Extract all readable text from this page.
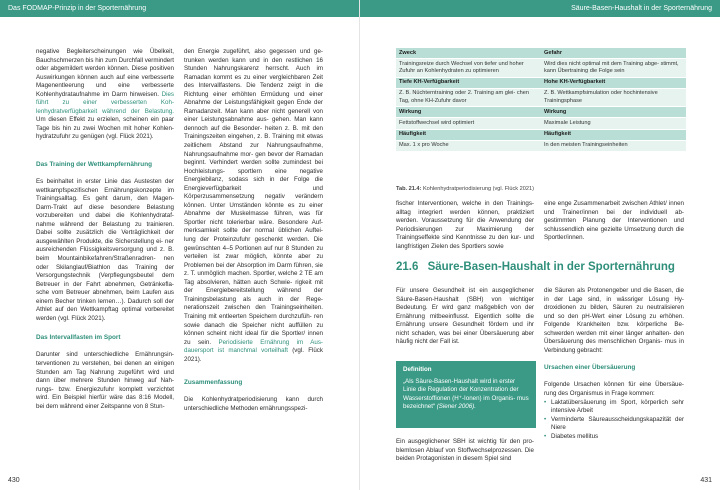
Das FODMAP-Prinzip in der Sporternährung
negative Begleiterscheinungen wie Übelkeit, Bauchschmerzen bis hin zum Durchfall vermindert oder abgemildert werden können. Diese positiven Auswirkungen können auch auf eine verbesserte Magenentleerung und eine verbesserte Kohlenhydrataufnahme im Darm hinweisen. Dies führt zu einer verbesserten Koh- lenhydratverfügbarkeit während der Belastung. Um diesen Effekt zu erzielen, scheinen ein paar Tage bis hin zu zwei Wochen mit hoher Kohlen- hydratzufuhr zu genügen (vgl. Flück 2021).
Das Training der Wettkampfernährung

Es beinhaltet in erster Linie das Austesten der wettkampfspezifischen Ernährungskonzepte im Trainingsalltag. Es geht darum, den Magen- Darm-Trakt auf diese besondere Belastung vorzubereiten und dabei die Kohlenhydrataf- nahme während der Belastung zu trainieren. Dabei sollte zusätzlich die Verträglichkeit der ausgewählten Produkte, die Sicherstellung ei- ner ausreichenden Flüssigkeitsversorgung und z. B. beim Mountainbikefahren/Straßenradren- nen oder Skilanglauf/Biathlon das Training der Versorgungstechnik (Verpflegungsbeutel dem Betreuer in der Fahrt abnehmen, Getränkefla- sche vom Betreuer abnehmen, beim Laufen aus einem Becher trinken lernen…). Dadurch soll der Athlet auf den Wettkampftag optimal vorbereitet werden (vgl. Flück 2021).

Das Intervallfasten im Sport

Darunter sind unterschiedliche Ernährungsin- terventionen zu verstehen, bei denen an einigen Stunden am Tag Nahrung zugeführt wird und dann über mehrere Stunden hinweg auf Nah- rungs- bzw. Energiezufuhr komplett verzichtet wird. Ein Beispiel hierfür wäre das 8:16 Modell, bei dem während einer Zeitspanne von 8 Stun-

den Energie zugeführt, also gegessen und ge- trunken werden kann und in den restlichen 16 Stunden Nahrungskarenz herrscht. Auch im Ramadan kommt es zu einer vergleichbaren Zeit des Intervallfastens. Die Tendenz zeigt in die Richtung einer erhöhten Ermüdung und einer Abnahme der Leistungsfähigkeit gegen Ende der Ramadanzeit. Man kann aber nicht generell von einer Leistungsabnahme aus- gehen. Man kann dennoch auf die Besonder- heiten z. B. mit den Trainingszeiten eingehen, z. B. Training mit etwas zeitlichem Abstand zur Nahrungsaufnahme, Nahrungsaufnahme mor- gen bevor der Ramadan beginnt. Verhindert werden sollte zumindest bei Hochleistungs- sportlern eine negative Energiebilanz, sodass sich in der Folge die Energieverfügbarkeit und Körperzusammensetzung negativ verändern können. Unter Umständen könnte es zu einer Abnahme der Muskelmasse führen, was für Sportler nicht tolerierbar wäre. Besondere Auf- merksamkeit sollte der normal üblichen Auftei- lung der Proteinzufuhr geschenkt werden. Die gewünschten 4–5 Portionen auf nur 8 Stunden zu verteilen ist zwar möglich, könnte aber zu Problemen bei der Absorption im Darm führen, sie z. T. unmöglich machen. Sportler, welche 2 TE am Tag absolvieren, hätten auch Schwie- rigkeit mit der Energiebereitstellung während der Trainingsbelastung als auch in der Rege- nerationszeit zwischen den Trainingseinheiten. Training mit entleerten Speichern durchzufüh- ren sowie danach die Speicher nicht auffüllen zu können scheint nicht ideal für die Sportler/ innen zu sein. Periodisierte Ernährung im Aus- dauersport ist manchmal vorteilhaft (vgl. Flück 2021).
Zusammenfassung

Die Kohlenhydratperiodisierung kann durch unterschiedliche Methoden ernährungsspezi-

430
Säure-Basen-Haushalt in der Sporternährung
Zweck	Gefahr
Trainingsreize durch Wechsel von tiefer und hoher Zufuhr an Kohlenhydraten zu optimieren	Wird dies nicht optimal mit dem Training abge- stimmt, kann Übertraining die Folge sein
Tiefe KH-Verfügbarkeit	Hohe KH-Verfügbarkeit
Z. B. Nüchterntraining oder 2. Training am glei- chen Tag, ohne KH-Zufuhr davor	Z. B. Wettkampfsimulation oder hochintensive Trainingsphase
Wirkung	Wirkung
Fettstoffwechsel wird optimiert	Maximale Leistung
Häufigkeit	Häufigkeit
Max. 1 x pro Woche	In den meisten Trainingseinheiten
Tab. 21.4: Kohlenhydratperiodisierung (vgl. Flück 2021)
fischer Interventionen, welche in den Trainings- alltag integriert werden können, praktiziert werden. Voraussetzung für die Anwendung der Periodisierungen zur Maximierung der Trainingseffekte sind Kenntnisse zu den kur- und langfristigen Zielen des Sportlers sowie
eine enge Zusammenarbeit zwischen Athlet/ innen und Trainer/innen bei der individuell ab- gestimmten Planung der Interventionen und schlussendlich eine gezielte Umsetzung durch die Sportler/innen.
21.6 Säure-Basen-Haushalt in der Sporternährung
Für unsere Gesundheit ist ein ausgeglichener Säure-Basen-Haushalt (SBH) von wichtiger Bedeutung. Er wird ganz maßgeblich von der Ernährung mitbeeinflusst. Eigentlich sollte die Ernährung unsere Gesundheit fördern und ihr nicht schaden, was bei einer Übersäuerung aber häufig nicht der Fall ist.
Definition
„Als Säure-Basen-Haushalt wird in erster Linie die Regulation der Konzentration der Wasserstoffionen (H⁺-Ionen) im Organis- mus bezeichnet“ (Siener 2006).
Ein ausgeglichener SBH ist wichtig für den pro- blemlosen Ablauf von Stoffwechselprozessen. Die beiden Protagonisten in diesem Spiel sind

die Säuren als Protonengeber und die Basen, die in der Lage sind, in wässriger Lösung Hy- droxidionen zu bilden, Säuren zu neutralisieren und so den pH-Wert einer Lösung zu erhöhen. Folgende Krankheiten bzw. körperliche Be- schwerden werden mit einer länger anhalten- den Übersäuerung des menschlichen Organis- mus in Verbindung gebracht:

Ursachen einer Übersäuerung

Folgende Ursachen können für eine Übersäue- rung des Organismus in Frage kommen:

• Laktatübersäuerung im Sport, körperlich sehr intensive Arbeit
• Vermindertе Säureausscheidungskapazität der Niere
• Diabetes mellitus
431
